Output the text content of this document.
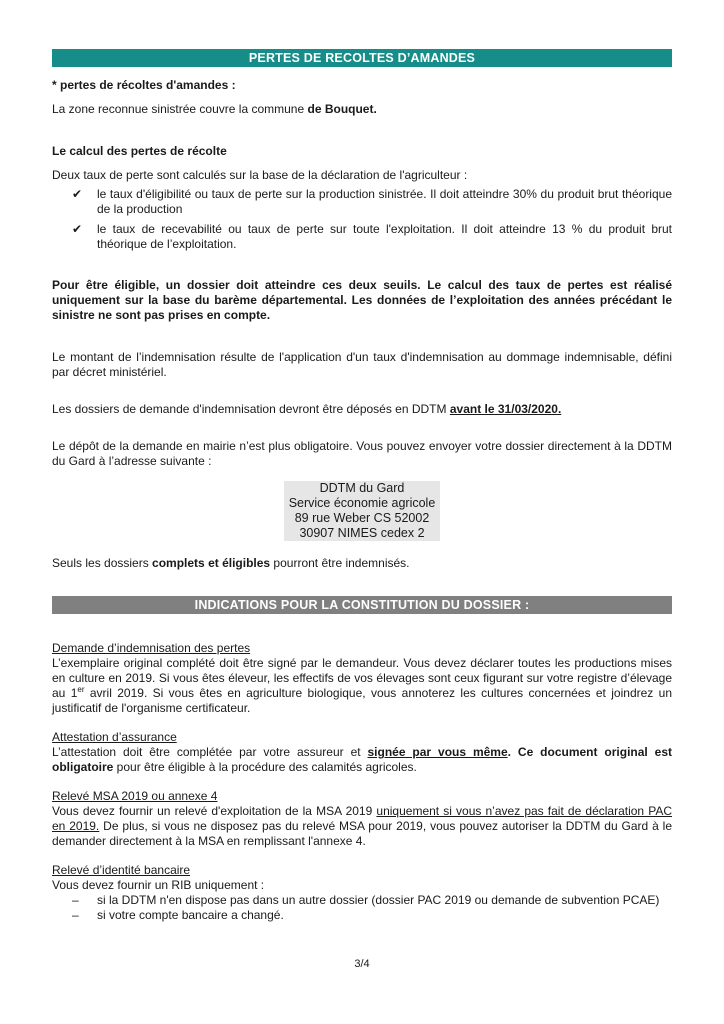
PERTES DE RECOLTES D’AMANDES

* pertes de récoltes d'amandes :

La zone reconnue sinistrée couvre la commune de Bouquet.

Le calcul des pertes de récolte

Deux taux de perte sont calculés sur la base de la déclaration de l'agriculteur :

✔ le taux d'éligibilité ou taux de perte sur la production sinistrée. Il doit atteindre 30% du produit brut théorique de la production
✔ le taux de recevabilité ou taux de perte sur toute l'exploitation. Il doit atteindre 13 % du produit brut théorique de l’exploitation.

Pour être éligible, un dossier doit atteindre ces deux seuils. Le calcul des taux de pertes est réalisé uniquement sur la base du barème départemental. Les données de l’exploitation des années précédant le sinistre ne sont pas prises en compte.

Le montant de l’indemnisation résulte de l'application d'un taux d'indemnisation au dommage indemnisable, défini par décret ministériel.

Les dossiers de demande d'indemnisation devront être déposés en DDTM avant le 31/03/2020.

Le dépôt de la demande en mairie n’est plus obligatoire. Vous pouvez envoyer votre dossier directement à la DDTM du Gard à l’adresse suivante :

DDTM du Gard
Service économie agricole
89 rue Weber CS 52002
30907 NIMES cedex 2

Seuls les dossiers complets et éligibles pourront être indemnisés.

INDICATIONS POUR LA CONSTITUTION DU DOSSIER :

Demande d’indemnisation des pertes

L’exemplaire original complété doit être signé par le demandeur. Vous devez déclarer toutes les productions mises en culture en 2019. Si vous êtes éleveur, les effectifs de vos élevages sont ceux figurant sur votre registre d’élevage au 1er avril 2019. Si vous êtes en agriculture biologique, vous annoterez les cultures concernées et joindrez un justificatif de l'organisme certificateur.

Attestation d’assurance

L’attestation doit être complétée par votre assureur et signée par vous même. Ce document original est obligatoire pour être éligible à la procédure des calamités agricoles.

Relevé MSA 2019 ou annexe 4

Vous devez fournir un relevé d'exploitation de la MSA 2019 uniquement si vous n’avez pas fait de déclaration PAC en 2019. De plus, si vous ne disposez pas du relevé MSA pour 2019, vous pouvez autoriser la DDTM du Gard à le demander directement à la MSA en remplissant l'annexe 4.

Relevé d’identité bancaire

Vous devez fournir un RIB uniquement :

– si la DDTM n'en dispose pas dans un autre dossier (dossier PAC 2019 ou demande de subvention PCAE)
– si votre compte bancaire a changé.
3/4
